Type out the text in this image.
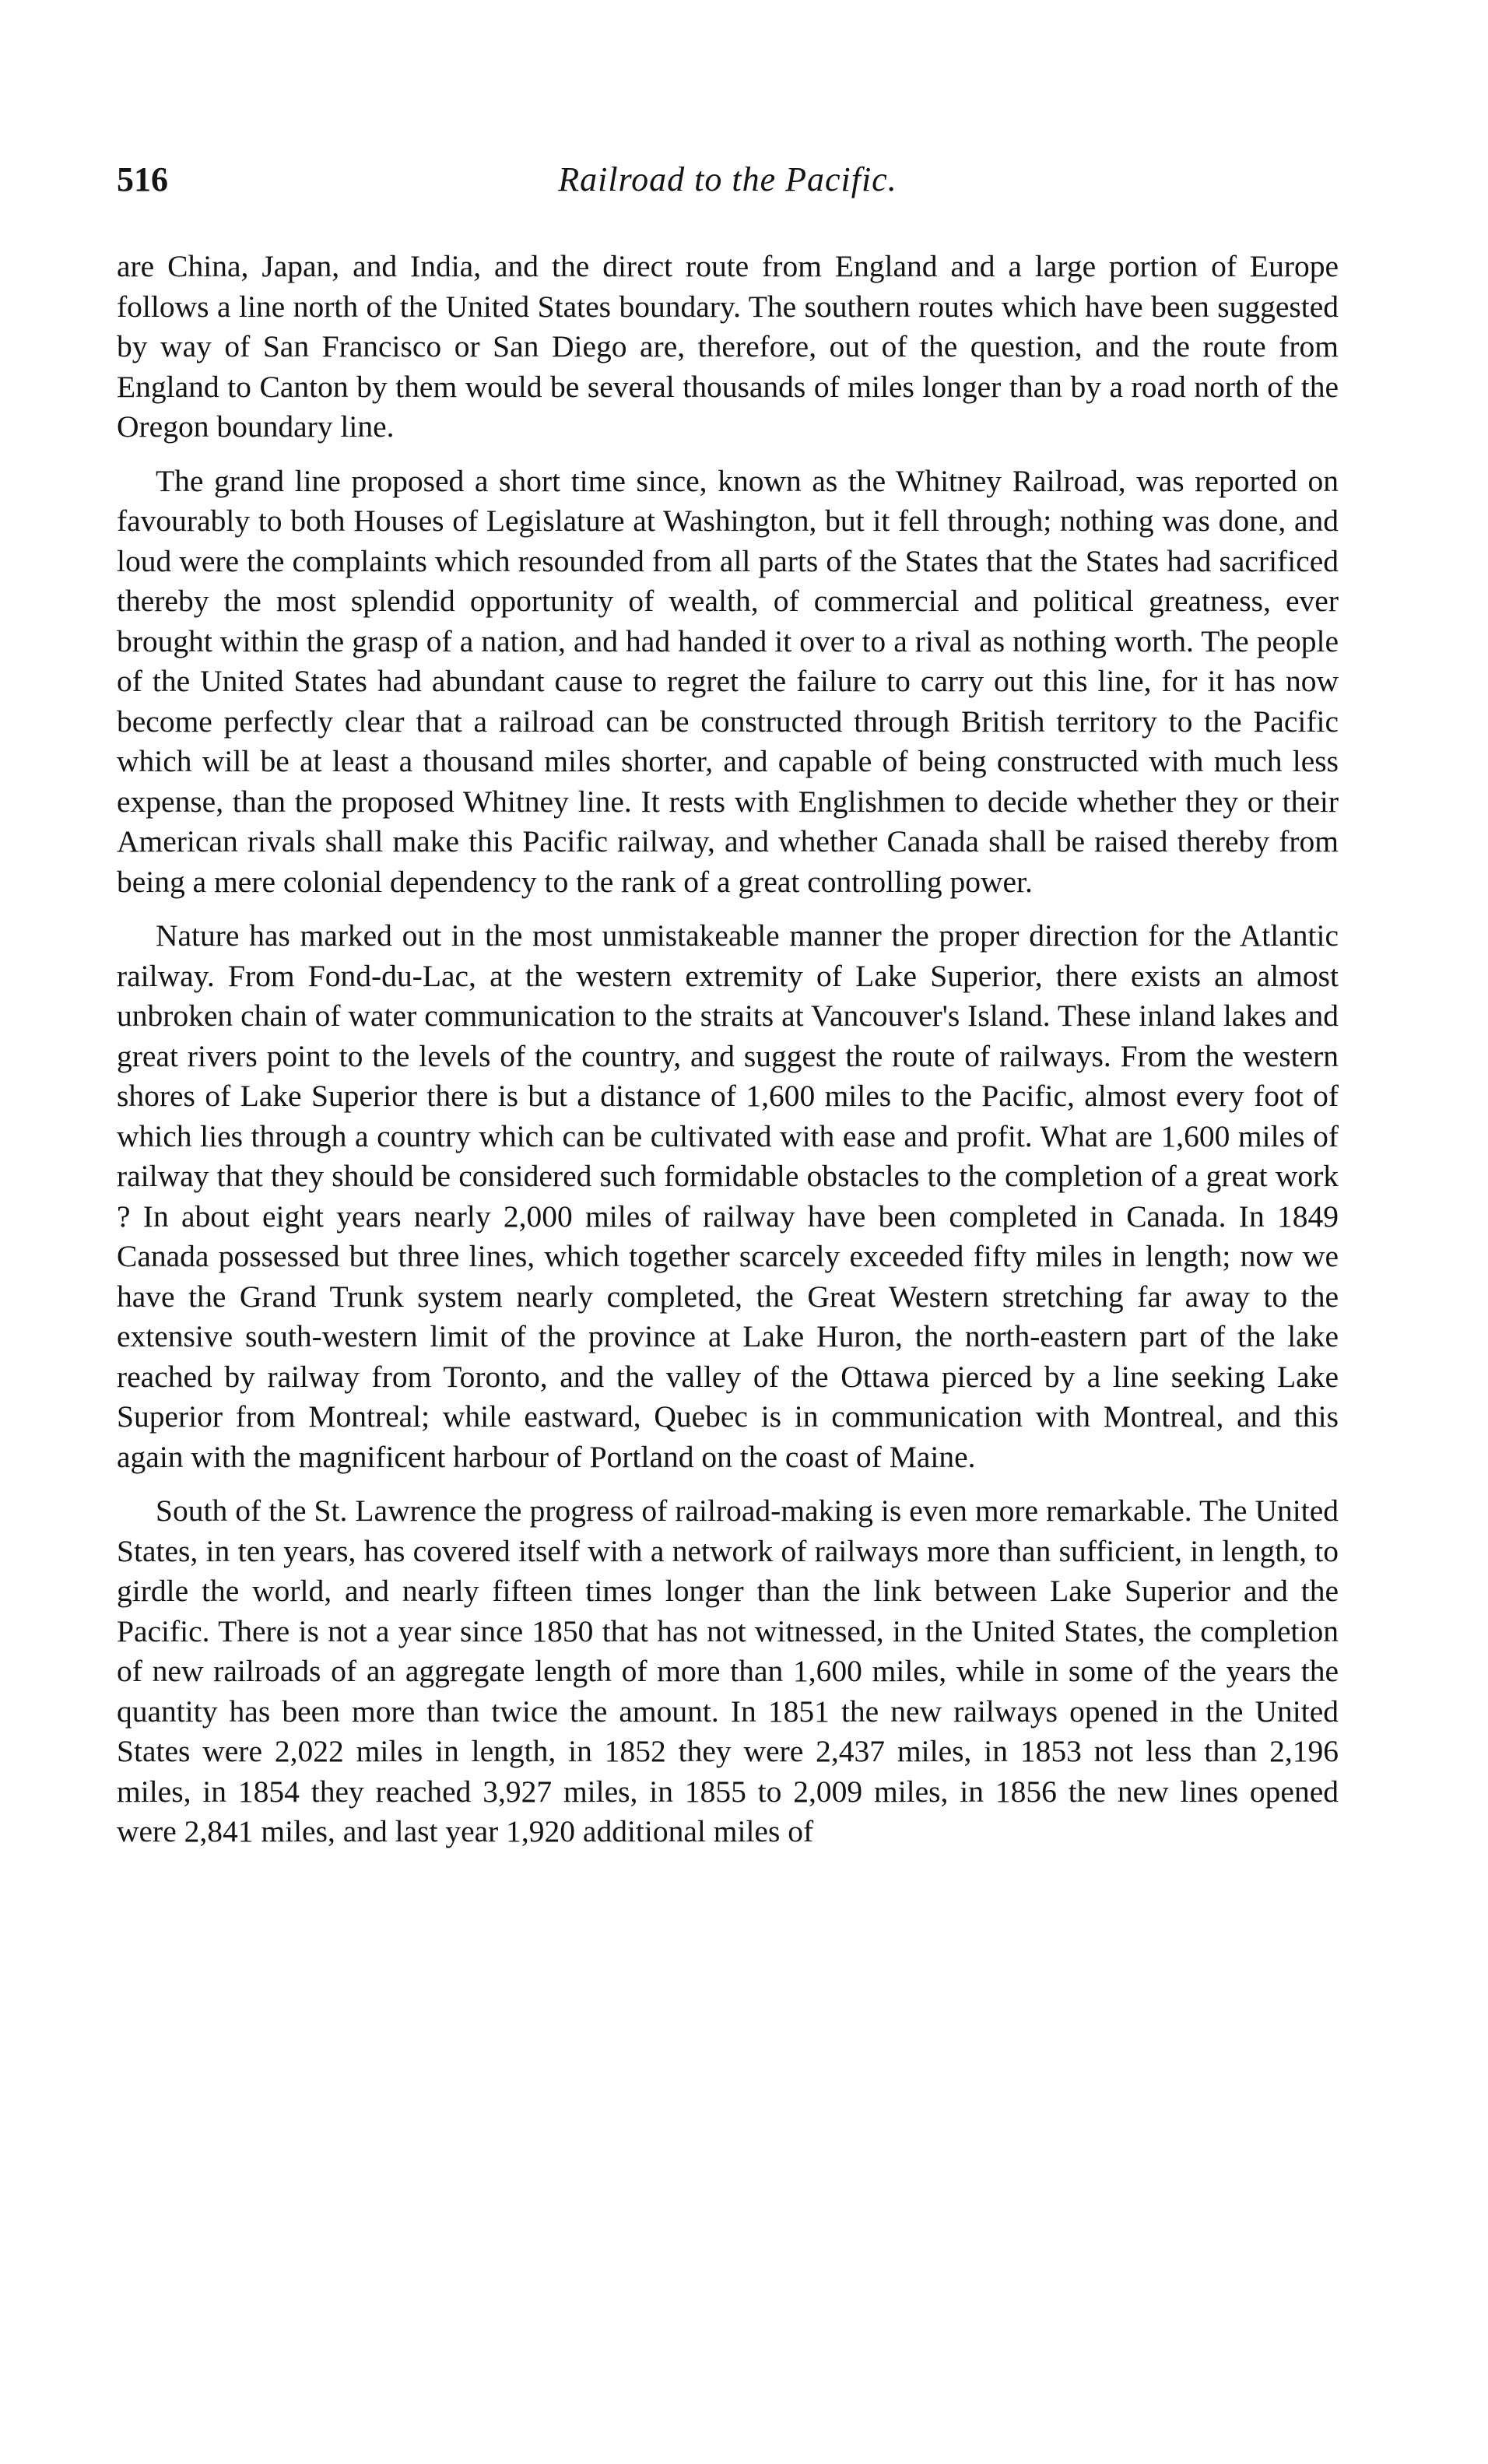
516	Railroad to the Pacific.

are China, Japan, and India, and the direct route from England and a large portion of Europe follows a line north of the United States boundary. The southern routes which have been suggested by way of San Francisco or San Diego are, therefore, out of the question, and the route from England to Canton by them would be several thousands of miles longer than by a road north of the Oregon boundary line.

The grand line proposed a short time since, known as the Whitney Railroad, was reported on favourably to both Houses of Legislature at Washington, but it fell through; nothing was done, and loud were the complaints which resounded from all parts of the States that the States had sacrificed thereby the most splendid opportunity of wealth, of commercial and political greatness, ever brought within the grasp of a nation, and had handed it over to a rival as nothing worth. The people of the United States had abundant cause to regret the failure to carry out this line, for it has now become perfectly clear that a railroad can be constructed through British territory to the Pacific which will be at least a thousand miles shorter, and capable of being constructed with much less expense, than the proposed Whitney line. It rests with Englishmen to decide whether they or their American rivals shall make this Pacific railway, and whether Canada shall be raised thereby from being a mere colonial dependency to the rank of a great controlling power.

Nature has marked out in the most unmistakeable manner the proper direction for the Atlantic railway. From Fond-du-Lac, at the western extremity of Lake Superior, there exists an almost unbroken chain of water communication to the straits at Vancouver's Island. These inland lakes and great rivers point to the levels of the country, and suggest the route of railways. From the western shores of Lake Superior there is but a distance of 1,600 miles to the Pacific, almost every foot of which lies through a country which can be cultivated with ease and profit. What are 1,600 miles of railway that they should be considered such formidable obstacles to the completion of a great work ? In about eight years nearly 2,000 miles of railway have been completed in Canada. In 1849 Canada possessed but three lines, which together scarcely exceeded fifty miles in length; now we have the Grand Trunk system nearly completed, the Great Western stretching far away to the extensive south-western limit of the province at Lake Huron, the north-eastern part of the lake reached by railway from Toronto, and the valley of the Ottawa pierced by a line seeking Lake Superior from Montreal; while eastward, Quebec is in communication with Montreal, and this again with the magnificent harbour of Portland on the coast of Maine.

South of the St. Lawrence the progress of railroad-making is even more remarkable. The United States, in ten years, has covered itself with a network of railways more than sufficient, in length, to girdle the world, and nearly fifteen times longer than the link between Lake Superior and the Pacific. There is not a year since 1850 that has not witnessed, in the United States, the completion of new railroads of an aggregate length of more than 1,600 miles, while in some of the years the quantity has been more than twice the amount. In 1851 the new railways opened in the United States were 2,022 miles in length, in 1852 they were 2,437 miles, in 1853 not less than 2,196 miles, in 1854 they reached 3,927 miles, in 1855 to 2,009 miles, in 1856 the new lines opened were 2,841 miles, and last year 1,920 additional miles of
